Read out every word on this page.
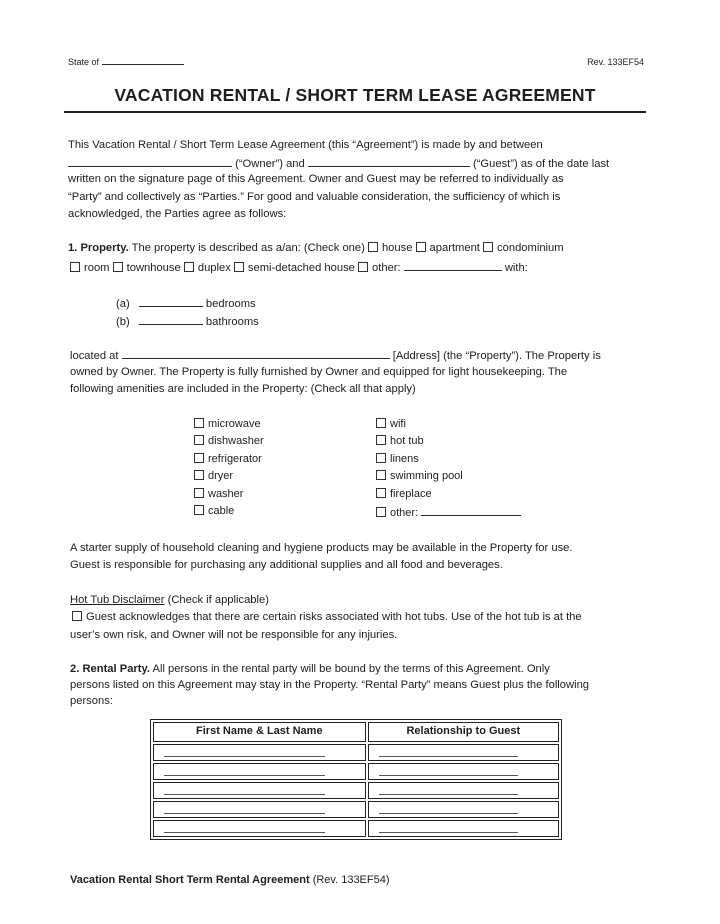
State of	Rev. 133EF54
VACATION RENTAL / SHORT TERM LEASE AGREEMENT
This Vacation Rental / Short Term Lease Agreement (this “Agreement”) is made by and between
(“Owner”) and	(“Guest”) as of the date last
written on the signature page of this Agreement. Owner and Guest may be referred to individually as
“Party” and collectively as “Parties.” For good and valuable consideration, the sufficiency of which is
acknowledged, the Parties agree as follows:
1. Property. The property is described as a/an: (Check one) house apartment condominium
room townhouse duplex semi-detached house other:	with:
(a)	bedrooms
(b)	bathrooms
located at	[Address] (the “Property”). The Property is
owned by Owner. The Property is fully furnished by Owner and equipped for light housekeeping. The
following amenities are included in the Property: (Check all that apply)
microwave
dishwasher
refrigerator
dryer
washer
cable
wifi
hot tub
linens
swimming pool
fireplace
other:
A starter supply of household cleaning and hygiene products may be available in the Property for use.
Guest is responsible for purchasing any additional supplies and all food and beverages.
Hot Tub Disclaimer (Check if applicable)
Guest acknowledges that there are certain risks associated with hot tubs. Use of the hot tub is at the
user’s own risk, and Owner will not be responsible for any injuries.
2. Rental Party. All persons in the rental party will be bound by the terms of this Agreement. Only
persons listed on this Agreement may stay in the Property. “Rental Party” means Guest plus the following
persons:
First Name & Last Name	Relationship to Guest

Vacation Rental Short Term Rental Agreement (Rev. 133EF54)
